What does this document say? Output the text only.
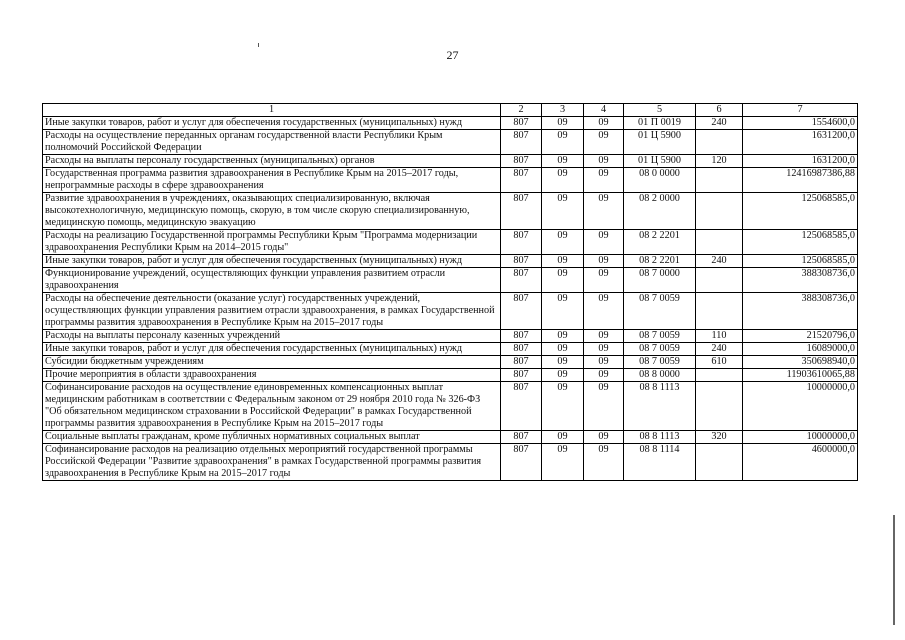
27
1	2	3	4	5	6	7
Иные закупки товаров, работ и услуг для обеспечения государственных (муниципальных) нужд	807	09	09	01 П 0019	240	1554600,0
Расходы на осуществление переданных органам государственной власти Республики Крым полномочий Российской Федерации	807	09	09	01 Ц 5900		1631200,0
Расходы на выплаты персоналу государственных (муниципальных) органов	807	09	09	01 Ц 5900	120	1631200,0
Государственная программа развития здравоохранения в Республике Крым на 2015–2017 годы, непрограммные расходы в сфере здравоохранения	807	09	09	08 0 0000		12416987386,88
Развитие здравоохранения в учреждениях, оказывающих специализированную, включая высокотехнологичную, медицинскую помощь, скорую, в том числе скорую специализированную, медицинскую помощь, медицинскую эвакуацию	807	09	09	08 2 0000		125068585,0
Расходы на реализацию Государственной программы Республики Крым "Программа модернизации здравоохранения Республики Крым на 2014–2015 годы"	807	09	09	08 2 2201		125068585,0
Иные закупки товаров, работ и услуг для обеспечения государственных (муниципальных) нужд	807	09	09	08 2 2201	240	125068585,0
Функционирование учреждений, осуществляющих функции управления развитием отрасли здравоохранения	807	09	09	08 7 0000		388308736,0
Расходы на обеспечение деятельности (оказание услуг) государственных учреждений, осуществляющих функции управления развитием отрасли здравоохранения, в рамках Государственной программы развития здравоохранения в Республике Крым на 2015–2017 годы	807	09	09	08 7 0059		388308736,0
Расходы на выплаты персоналу казенных учреждений	807	09	09	08 7 0059	110	21520796,0
Иные закупки товаров, работ и услуг для обеспечения государственных (муниципальных) нужд	807	09	09	08 7 0059	240	16089000,0
Субсидии бюджетным учреждениям	807	09	09	08 7 0059	610	350698940,0
Прочие мероприятия в области здравоохранения	807	09	09	08 8 0000		11903610065,88
Софинансирование расходов на осуществление единовременных компенсационных выплат медицинским работникам в соответствии с Федеральным законом от 29 ноября 2010 года № 326-ФЗ "Об обязательном медицинском страховании в Российской Федерации" в рамках Государственной программы развития здравоохранения в Республике Крым на 2015–2017 годы	807	09	09	08 8 1113		10000000,0
Социальные выплаты гражданам, кроме публичных нормативных социальных выплат	807	09	09	08 8 1113	320	10000000,0
Софинансирование расходов на реализацию отдельных мероприятий государственной программы Российской Федерации "Развитие здравоохранения" в рамках Государственной программы развития здравоохранения в Республике Крым на 2015–2017 годы	807	09	09	08 8 1114		4600000,0
